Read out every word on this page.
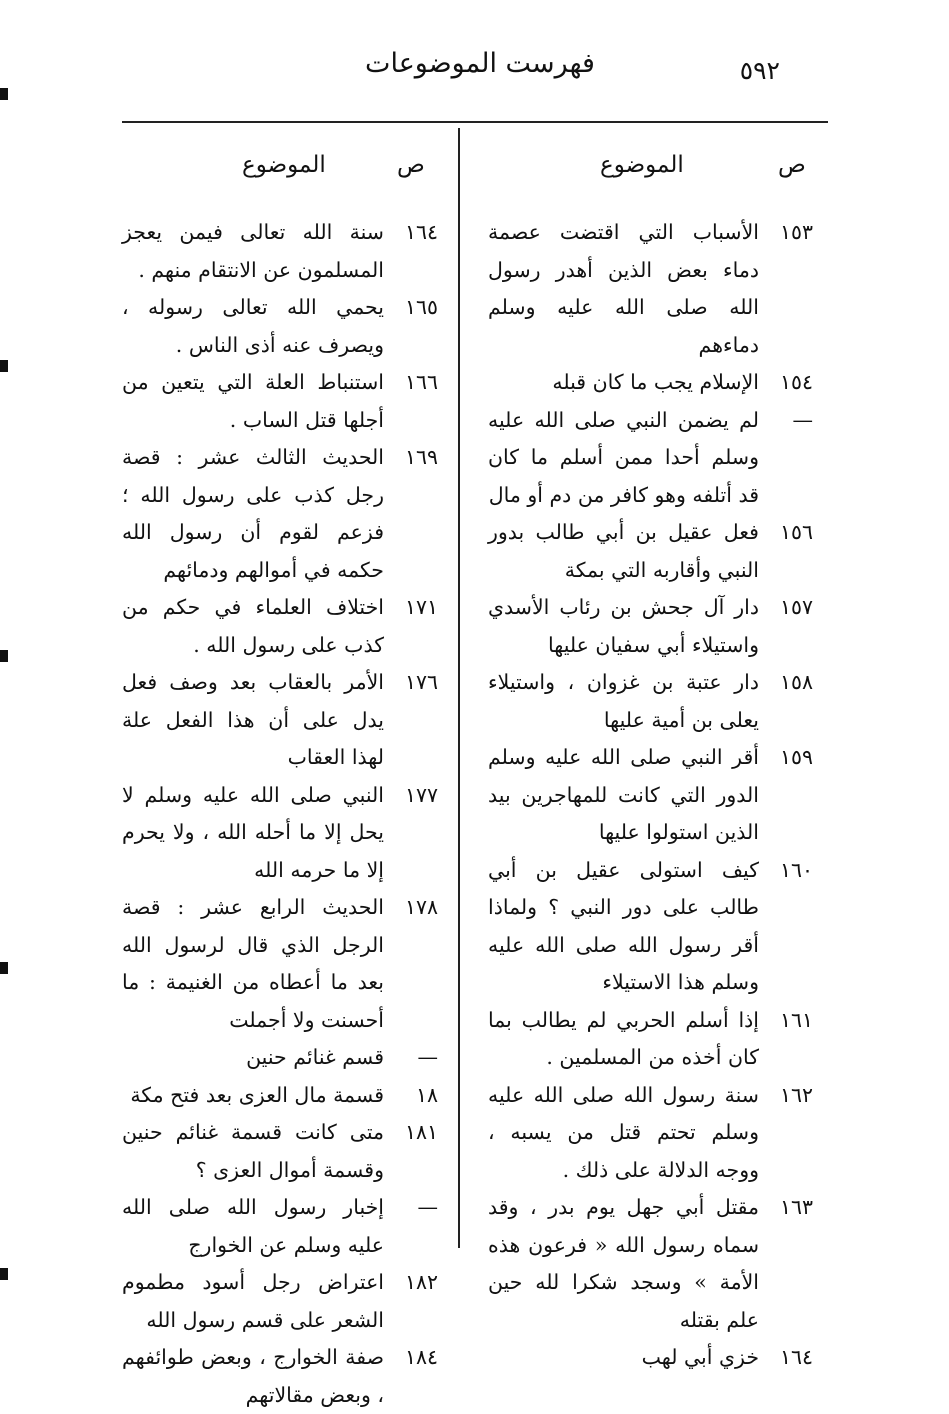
فهرست الموضوعات	٥٩٢
ص
الموضوع
ص
الموضوع
١٥٣
الأسباب التي اقتضت عصمة دماء بعض الذين أهدر رسول الله صلى الله عليه وسلم دماءهم
١٥٤
الإسلام يجب ما كان قبله
—
لم يضمن النبي صلى الله عليه وسلم أحدا ممن أسلم ما كان قد أتلفه وهو كافر من دم أو مال
١٥٦
فعل عقيل بن أبي طالب بدور النبي وأقاربه التي بمكة
١٥٧
دار آل جحش بن رئاب الأسدي واستيلاء أبي سفيان عليها
١٥٨
دار عتبة بن غزوان ، واستيلاء يعلى بن أمية عليها
١٥٩
أقر النبي صلى الله عليه وسلم الدور التي كانت للمهاجرين بيد الذين استولوا عليها
١٦٠
كيف استولى عقيل بن أبي طالب على دور النبي ؟ ولماذا أقر رسول الله صلى الله عليه وسلم هذا الاستيلاء
١٦١
إذا أسلم الحربي لم يطالب بما كان أخذه من المسلمين .
١٦٢
سنة رسول الله صلى الله عليه وسلم تحتم قتل من يسبه ، ووجه الدلالة على ذلك .
١٦٣
مقتل أبي جهل يوم بدر ، وقد سماه رسول الله « فرعون هذه الأمة » وسجد شكرا لله حين علم بقتله
١٦٤
خزي أبي لهب
١٦٤
سنة الله تعالى فيمن يعجز المسلمون عن الانتقام منهم .
١٦٥
يحمي الله تعالى رسوله ، ويصرف عنه أذى الناس .
١٦٦
استنباط العلة التي يتعين من أجلها قتل الساب .
١٦٩
الحديث الثالث عشر : قصة رجل كذب على رسول الله ؛ فزعم لقوم أن رسول الله حكمه في أموالهم ودمائهم
١٧١
اختلاف العلماء في حكم من كذب على رسول الله .
١٧٦
الأمر بالعقاب بعد وصف فعل يدل على أن هذا الفعل علة لهذا العقاب
١٧٧
النبي صلى الله عليه وسلم لا يحل إلا ما أحله الله ، ولا يحرم إلا ما حرمه الله
١٧٨
الحديث الرابع عشر : قصة الرجل الذي قال لرسول الله بعد ما أعطاه من الغنيمة : ما أحسنت ولا أجملت
—
قسم غنائم حنين
١٨
قسمة مال العزى بعد فتح مكة
١٨١
متى كانت قسمة غنائم حنين وقسمة أموال العزى ؟
—
إخبار رسول الله صلى الله عليه وسلم عن الخوارج
١٨٢
اعتراض رجل أسود مطموم الشعر على قسم رسول الله
١٨٤
صفة الخوارج ، وبعض طوائفهم ، وبعض مقالاتهم
